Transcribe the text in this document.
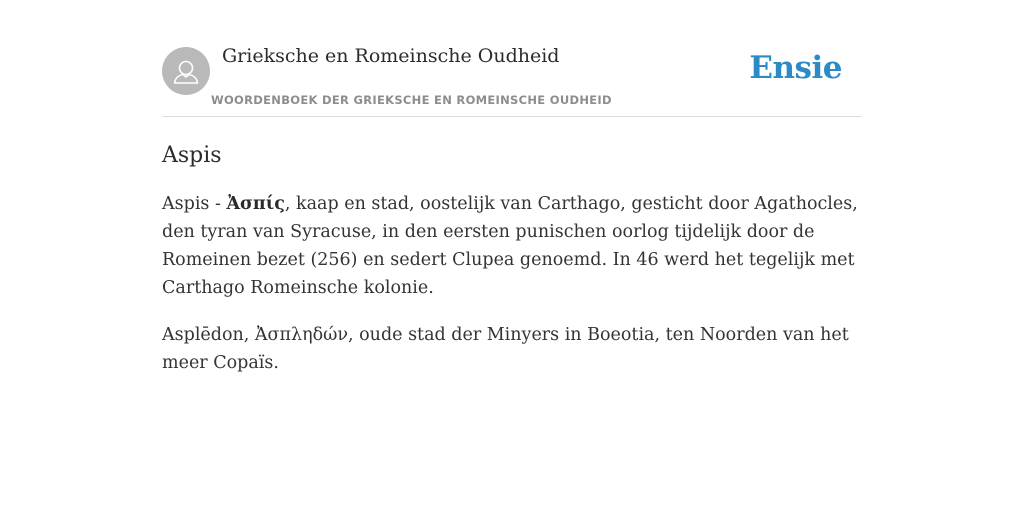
Grieksche en Romeinsche Oudheid
WOORDENBOEK DER GRIEKSCHE EN ROMEINSCHE OUDHEID
Ensie
Aspis

Aspis - Ἀσπίς, kaap en stad, oostelijk van Carthago, gesticht door Agathocles, den tyran van Syracuse, in den eersten punischen oorlog tijdelijk door de Romeinen bezet (256) en sedert Clupea genoemd. In 46 werd het tegelijk met Carthago Romeinsche kolonie.

Asplēdon, Ἀσπληδών, oude stad der Minyers in Boeotia, ten Noorden van het meer Copaïs.
